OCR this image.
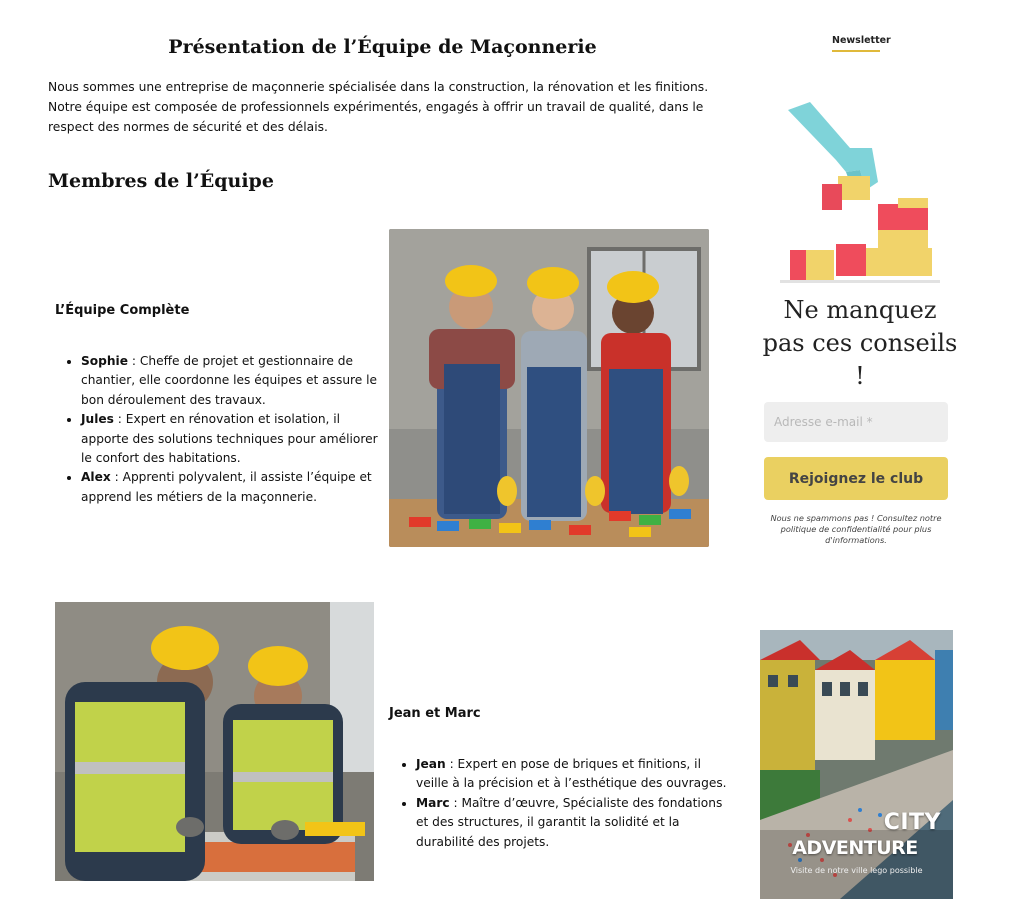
Présentation de l’Équipe de Maçonnerie

Nous sommes une entreprise de maçonnerie spécialisée dans la construction, la rénovation et les finitions. Notre équipe est composée de professionnels expérimentés, engagés à offrir un travail de qualité, dans le respect des normes de sécurité et des délais.

Membres de l’Équipe
L’Équipe Complète
• Sophie : Cheffe de projet et gestionnaire de chantier, elle coordonne les équipes et assure le bon déroulement des travaux.
• Jules : Expert en rénovation et isolation, il apporte des solutions techniques pour améliorer le confort des habitations.
• Alex : Apprenti polyvalent, il assiste l’équipe et apprend les métiers de la maçonnerie.
Jean et Marc
• Jean : Expert en pose de briques et finitions, il veille à la précision et à l’esthétique des ouvrages.
• Marc : Maître d’œuvre, Spécialiste des fondations et des structures, il garantit la solidité et la durabilité des projets.
Newsletter
Ne manquez pas ces conseils !
Adresse e-mail *
Rejoignez le club
Nous ne spammons pas ! Consultez notre politique de confidentialité pour plus d'informations.
CITY
ADVENTURE
Visite de notre ville lego possible
